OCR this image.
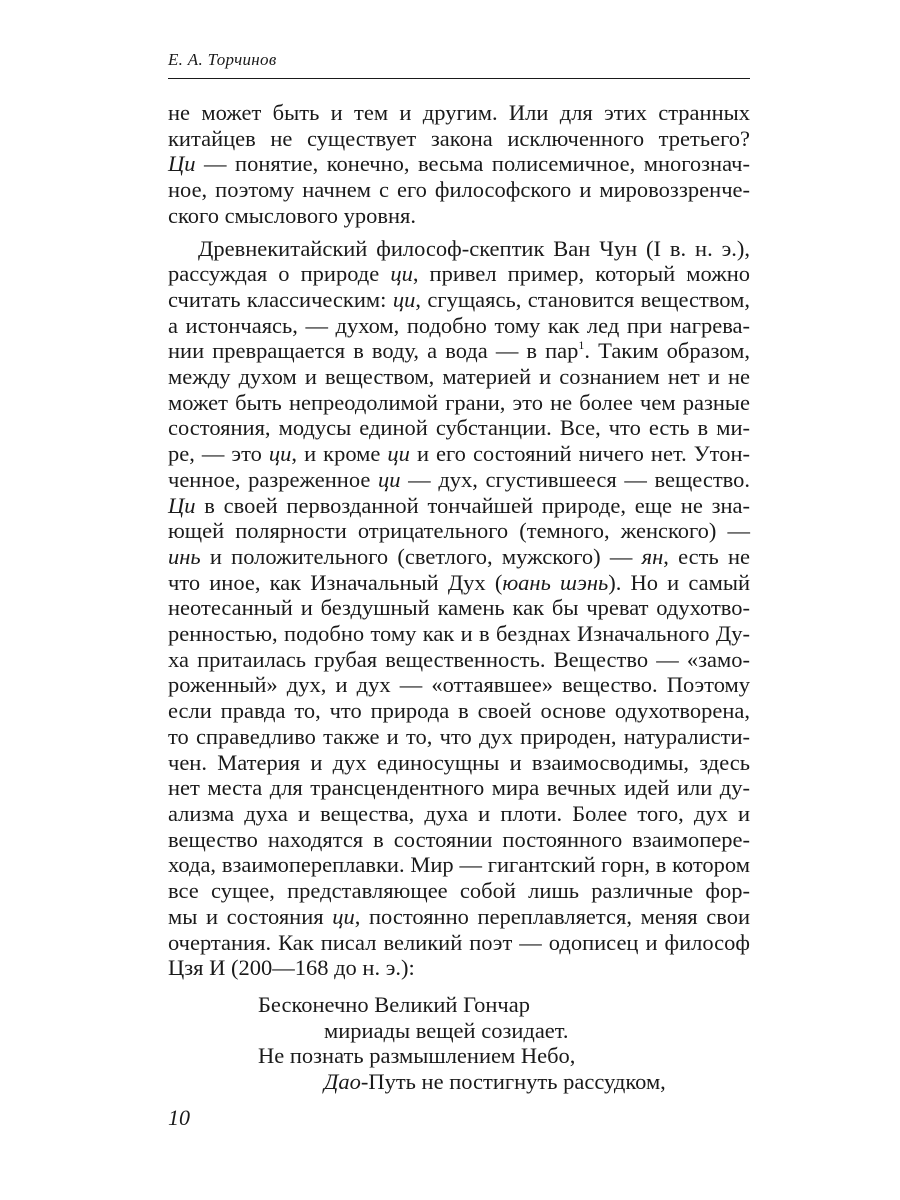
Е. А. Торчинов
не может быть и тем и другим. Или для этих странных
китайцев не существует закона исключенного третьего?
Ци — понятие, конечно, весьма полисемичное, многознач-
ное, поэтому начнем с его философского и мировоззренче-
ского смыслового уровня.
Древнекитайский философ-скептик Ван Чун (I в. н. э.),
рассуждая о природе ци, привел пример, который можно
считать классическим: ци, сгущаясь, становится веществом,
а истончаясь, — духом, подобно тому как лед при нагрева-
нии превращается в воду, а вода — в пар$^1$. Таким образом,
между духом и веществом, материей и сознанием нет и не
может быть непреодолимой грани, это не более чем разные
состояния, модусы единой субстанции. Все, что есть в ми-
ре, — это ци, и кроме ци и его состояний ничего нет. Утон-
ченное, разреженное ци — дух, сгустившееся — вещество.
Ци в своей первозданной тончайшей природе, еще не зна-
ющей полярности отрицательного (темного, женского) —
инь и положительного (светлого, мужского) — ян, есть не
что иное, как Изначальный Дух (юань шэнь). Но и самый
неотесанный и бездушный камень как бы чреват одухотво-
ренностью, подобно тому как и в безднах Изначального Ду-
ха притаилась грубая вещественность. Вещество — «замо-
роженный» дух, и дух — «оттаявшее» вещество. Поэтому
если правда то, что природа в своей основе одухотворена,
то справедливо также и то, что дух природен, натуралисти-
чен. Материя и дух единосущны и взаимосводимы, здесь
нет места для трансцендентного мира вечных идей или ду-
ализма духа и вещества, духа и плоти. Более того, дух и
вещество находятся в состоянии постоянного взаимопере-
хода, взаимопереплавки. Мир — гигантский горн, в котором
все сущее, представляющее собой лишь различные фор-
мы и состояния ци, постоянно переплавляется, меняя свои
очертания. Как писал великий поэт — одописец и философ
Цзя И (200—168 до н. э.):
Бесконечно Великий Гончар
мириады вещей созидает.
Не познать размышлением Небо,
Дао-Путь не постигнуть рассудком,
10
